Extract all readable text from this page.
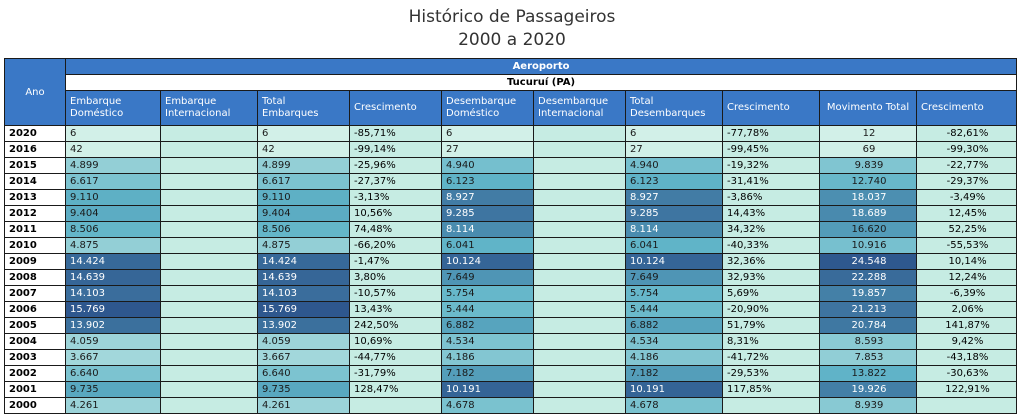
Histórico de Passageiros
2000 a 2020
Ano	Aeroporto									
	Tucuruí (PA)									
	Embarque Doméstico	Embarque Internacional	Total Embarques	Crescimento	Desembarque Doméstico	Desembarque Internacional	Total Desembarques	Crescimento	Movimento Total	Crescimento
2020	6		6	-85,71%	6		6	-77,78%	12	-82,61%
2016	42		42	-99,14%	27		27	-99,45%	69	-99,30%
2015	4.899		4.899	-25,96%	4.940		4.940	-19,32%	9.839	-22,77%
2014	6.617		6.617	-27,37%	6.123		6.123	-31,41%	12.740	-29,37%
2013	9.110		9.110	-3,13%	8.927		8.927	-3,86%	18.037	-3,49%
2012	9.404		9.404	10,56%	9.285		9.285	14,43%	18.689	12,45%
2011	8.506		8.506	74,48%	8.114		8.114	34,32%	16.620	52,25%
2010	4.875		4.875	-66,20%	6.041		6.041	-40,33%	10.916	-55,53%
2009	14.424		14.424	-1,47%	10.124		10.124	32,36%	24.548	10,14%
2008	14.639		14.639	3,80%	7.649		7.649	32,93%	22.288	12,24%
2007	14.103		14.103	-10,57%	5.754		5.754	5,69%	19.857	-6,39%
2006	15.769		15.769	13,43%	5.444		5.444	-20,90%	21.213	2,06%
2005	13.902		13.902	242,50%	6.882		6.882	51,79%	20.784	141,87%
2004	4.059		4.059	10,69%	4.534		4.534	8,31%	8.593	9,42%
2003	3.667		3.667	-44,77%	4.186		4.186	-41,72%	7.853	-43,18%
2002	6.640		6.640	-31,79%	7.182		7.182	-29,53%	13.822	-30,63%
2001	9.735		9.735	128,47%	10.191		10.191	117,85%	19.926	122,91%
2000	4.261		4.261		4.678		4.678		8.939	
